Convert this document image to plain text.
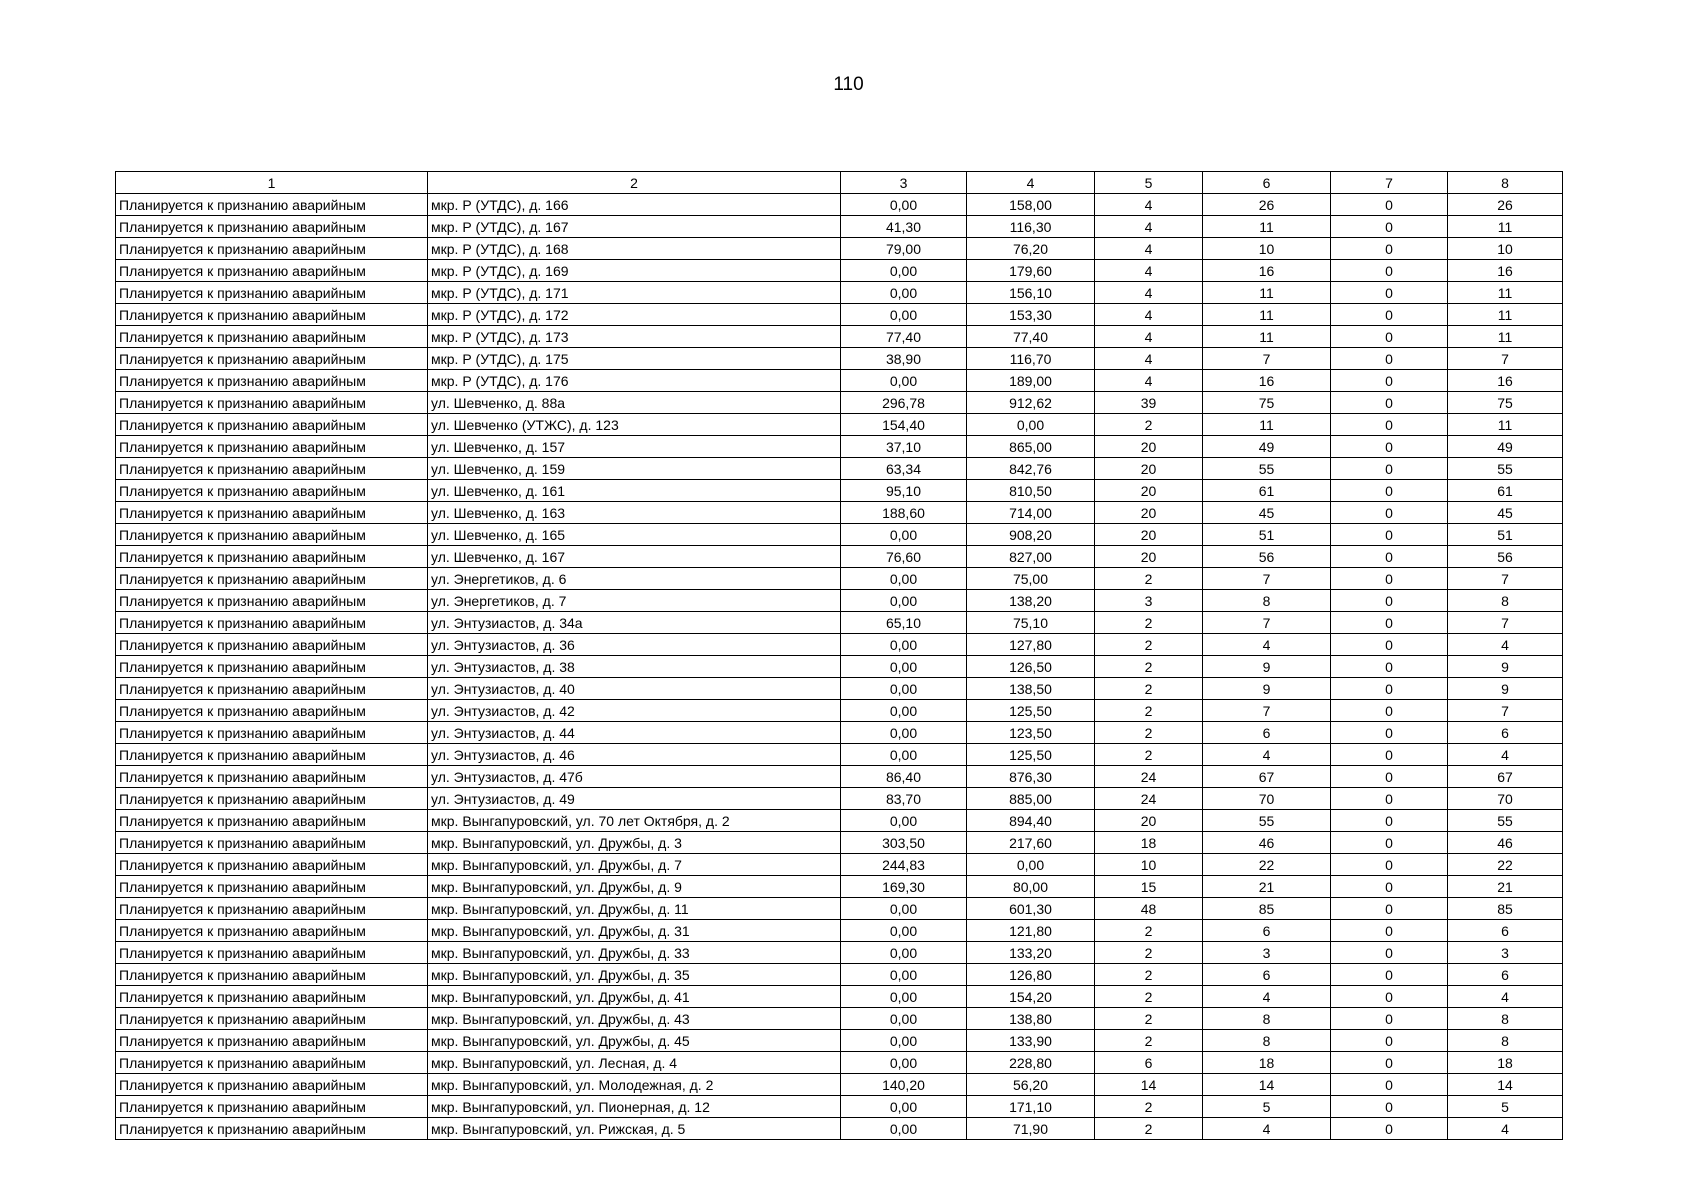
110
1	2	3	4	5	6	7	8
Планируется к признанию аварийным	мкр. Р (УТДС), д. 166	0,00	158,00	4	26	0	26
Планируется к признанию аварийным	мкр. Р (УТДС), д. 167	41,30	116,30	4	11	0	11
Планируется к признанию аварийным	мкр. Р (УТДС), д. 168	79,00	76,20	4	10	0	10
Планируется к признанию аварийным	мкр. Р (УТДС), д. 169	0,00	179,60	4	16	0	16
Планируется к признанию аварийным	мкр. Р (УТДС), д. 171	0,00	156,10	4	11	0	11
Планируется к признанию аварийным	мкр. Р (УТДС), д. 172	0,00	153,30	4	11	0	11
Планируется к признанию аварийным	мкр. Р (УТДС), д. 173	77,40	77,40	4	11	0	11
Планируется к признанию аварийным	мкр. Р (УТДС), д. 175	38,90	116,70	4	7	0	7
Планируется к признанию аварийным	мкр. Р (УТДС), д. 176	0,00	189,00	4	16	0	16
Планируется к признанию аварийным	ул. Шевченко, д. 88а	296,78	912,62	39	75	0	75
Планируется к признанию аварийным	ул. Шевченко (УТЖС), д. 123	154,40	0,00	2	11	0	11
Планируется к признанию аварийным	ул. Шевченко, д. 157	37,10	865,00	20	49	0	49
Планируется к признанию аварийным	ул. Шевченко, д. 159	63,34	842,76	20	55	0	55
Планируется к признанию аварийным	ул. Шевченко, д. 161	95,10	810,50	20	61	0	61
Планируется к признанию аварийным	ул. Шевченко, д. 163	188,60	714,00	20	45	0	45
Планируется к признанию аварийным	ул. Шевченко, д. 165	0,00	908,20	20	51	0	51
Планируется к признанию аварийным	ул. Шевченко, д. 167	76,60	827,00	20	56	0	56
Планируется к признанию аварийным	ул. Энергетиков, д. 6	0,00	75,00	2	7	0	7
Планируется к признанию аварийным	ул. Энергетиков, д. 7	0,00	138,20	3	8	0	8
Планируется к признанию аварийным	ул. Энтузиастов, д. 34а	65,10	75,10	2	7	0	7
Планируется к признанию аварийным	ул. Энтузиастов, д. 36	0,00	127,80	2	4	0	4
Планируется к признанию аварийным	ул. Энтузиастов, д. 38	0,00	126,50	2	9	0	9
Планируется к признанию аварийным	ул. Энтузиастов, д. 40	0,00	138,50	2	9	0	9
Планируется к признанию аварийным	ул. Энтузиастов, д. 42	0,00	125,50	2	7	0	7
Планируется к признанию аварийным	ул. Энтузиастов, д. 44	0,00	123,50	2	6	0	6
Планируется к признанию аварийным	ул. Энтузиастов, д. 46	0,00	125,50	2	4	0	4
Планируется к признанию аварийным	ул. Энтузиастов, д. 47б	86,40	876,30	24	67	0	67
Планируется к признанию аварийным	ул. Энтузиастов, д. 49	83,70	885,00	24	70	0	70
Планируется к признанию аварийным	мкр. Вынгапуровский, ул. 70 лет Октября, д. 2	0,00	894,40	20	55	0	55
Планируется к признанию аварийным	мкр. Вынгапуровский, ул. Дружбы, д. 3	303,50	217,60	18	46	0	46
Планируется к признанию аварийным	мкр. Вынгапуровский, ул. Дружбы, д. 7	244,83	0,00	10	22	0	22
Планируется к признанию аварийным	мкр. Вынгапуровский, ул. Дружбы, д. 9	169,30	80,00	15	21	0	21
Планируется к признанию аварийным	мкр. Вынгапуровский, ул. Дружбы, д. 11	0,00	601,30	48	85	0	85
Планируется к признанию аварийным	мкр. Вынгапуровский, ул. Дружбы, д. 31	0,00	121,80	2	6	0	6
Планируется к признанию аварийным	мкр. Вынгапуровский, ул. Дружбы, д. 33	0,00	133,20	2	3	0	3
Планируется к признанию аварийным	мкр. Вынгапуровский, ул. Дружбы, д. 35	0,00	126,80	2	6	0	6
Планируется к признанию аварийным	мкр. Вынгапуровский, ул. Дружбы, д. 41	0,00	154,20	2	4	0	4
Планируется к признанию аварийным	мкр. Вынгапуровский, ул. Дружбы, д. 43	0,00	138,80	2	8	0	8
Планируется к признанию аварийным	мкр. Вынгапуровский, ул. Дружбы, д. 45	0,00	133,90	2	8	0	8
Планируется к признанию аварийным	мкр. Вынгапуровский, ул. Лесная, д. 4	0,00	228,80	6	18	0	18
Планируется к признанию аварийным	мкр. Вынгапуровский, ул. Молодежная, д. 2	140,20	56,20	14	14	0	14
Планируется к признанию аварийным	мкр. Вынгапуровский, ул. Пионерная, д. 12	0,00	171,10	2	5	0	5
Планируется к признанию аварийным	мкр. Вынгапуровский, ул. Рижская, д. 5	0,00	71,90	2	4	0	4
